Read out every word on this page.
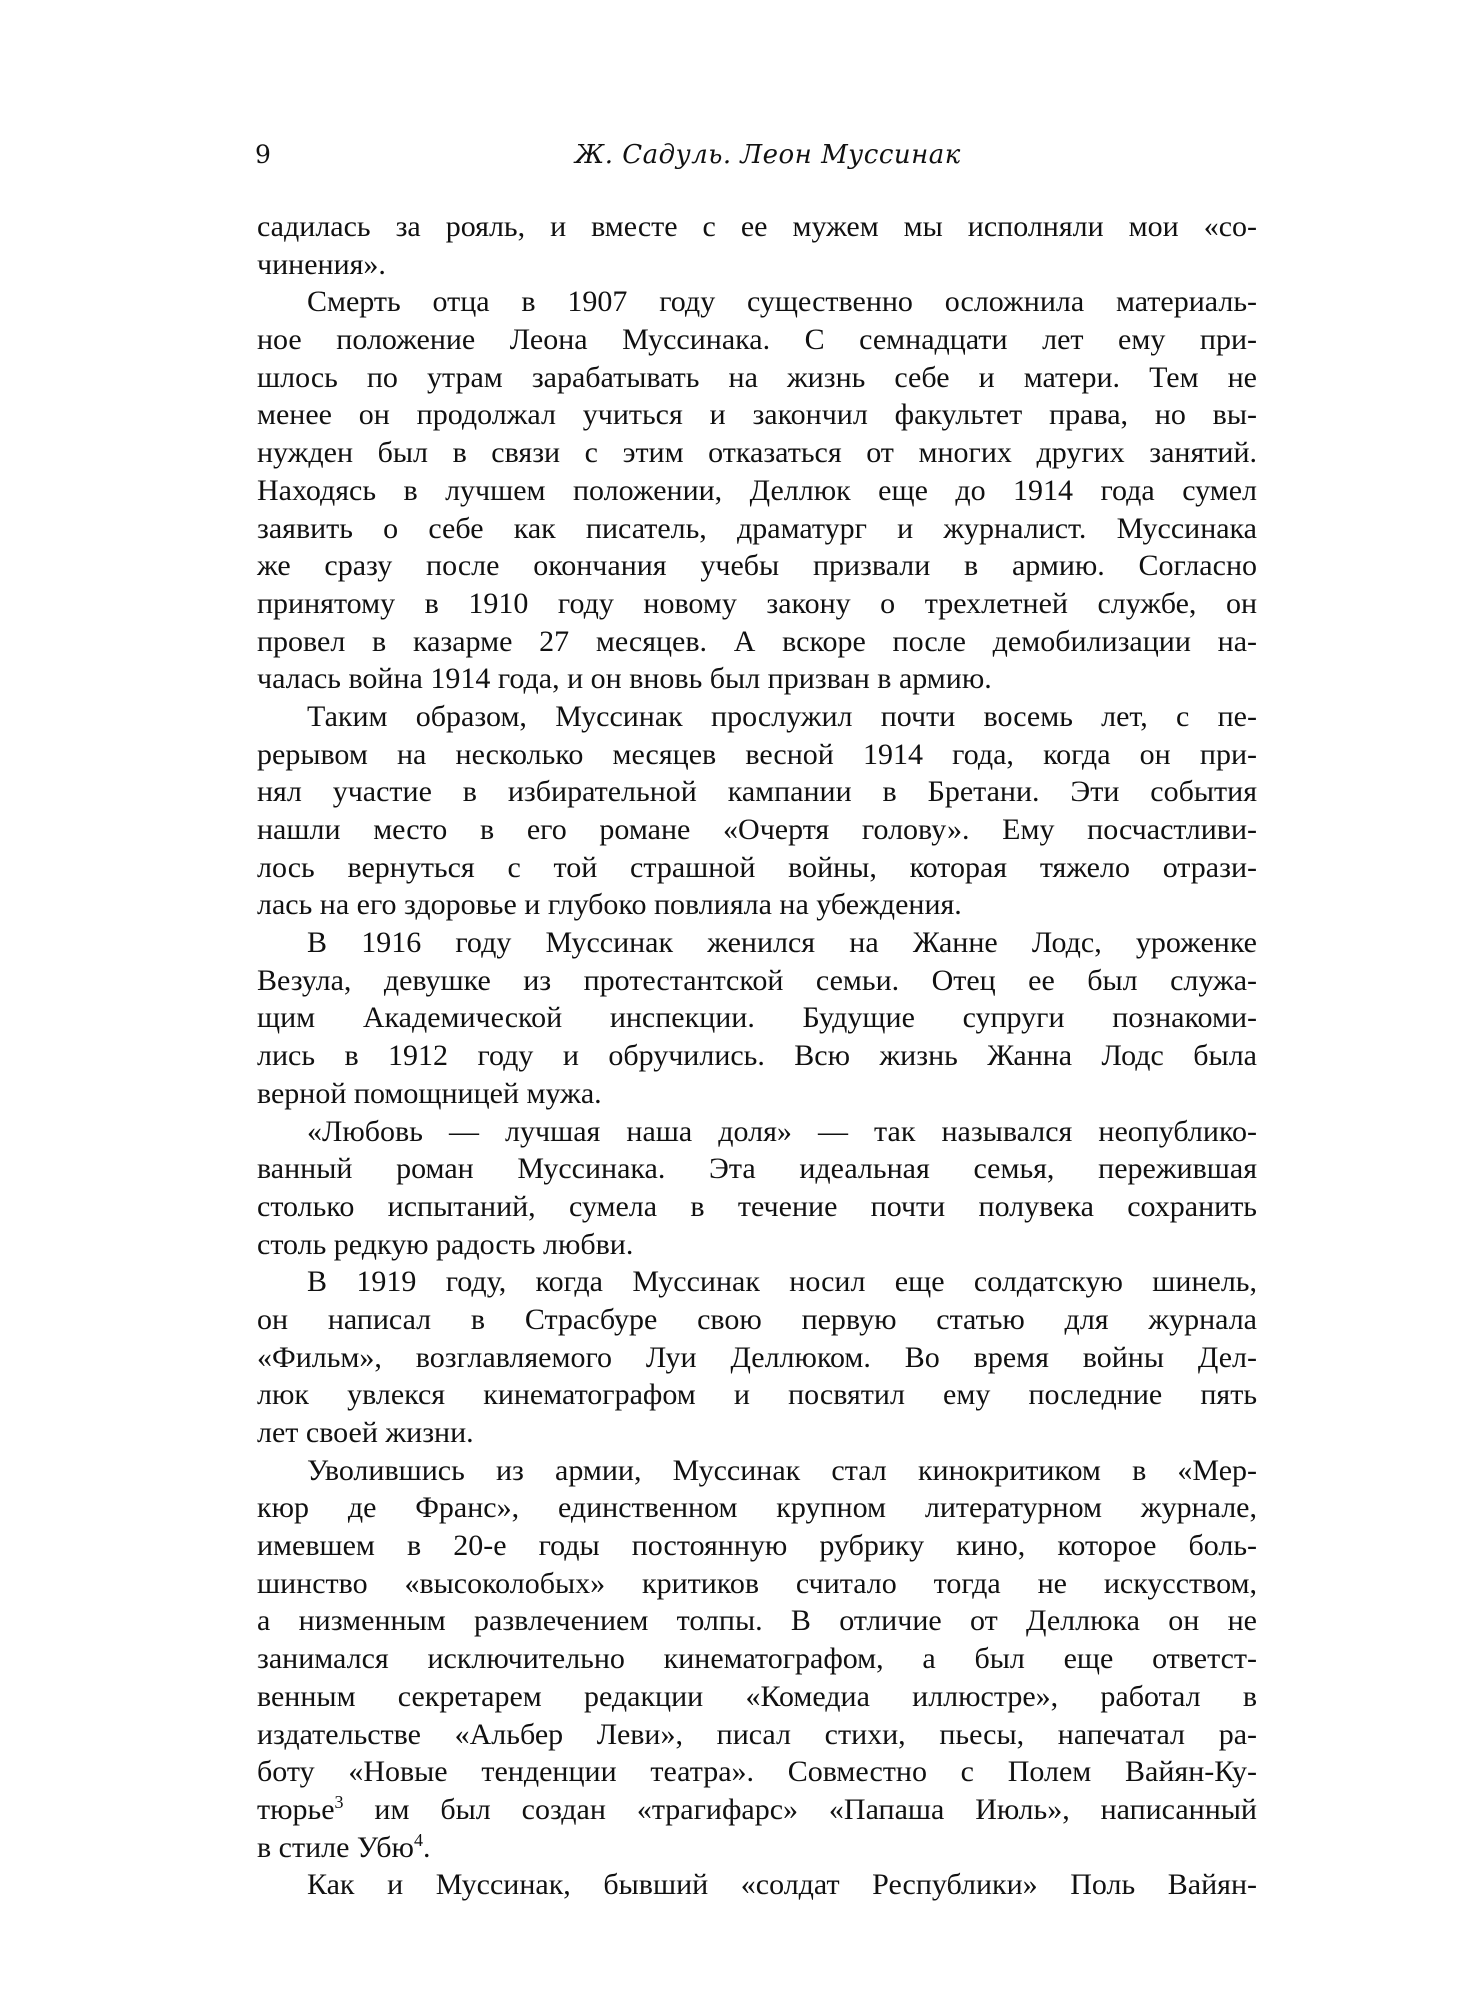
9	Ж. Садуль. Леон Муссинак
садилась за рояль, и вместе с ее мужем мы исполняли мои «со-
чинения».
Смерть отца в 1907 году существенно осложнила материаль-
ное положение Леона Муссинака. С семнадцати лет ему при-
шлось по утрам зарабатывать на жизнь себе и матери. Тем не
менее он продолжал учиться и закончил факультет права, но вы-
нужден был в связи с этим отказаться от многих других занятий.
Находясь в лучшем положении, Деллюк еще до 1914 года сумел
заявить о себе как писатель, драматург и журналист. Муссинака
же сразу после окончания учебы призвали в армию. Согласно
принятому в 1910 году новому закону о трехлетней службе, он
провел в казарме 27 месяцев. А вскоре после демобилизации на-
чалась война 1914 года, и он вновь был призван в армию.
Таким образом, Муссинак прослужил почти восемь лет, с пе-
рерывом на несколько месяцев весной 1914 года, когда он при-
нял участие в избирательной кампании в Бретани. Эти события
нашли место в его романе «Очертя голову». Ему посчастливи-
лось вернуться с той страшной войны, которая тяжело отрази-
лась на его здоровье и глубоко повлияла на убеждения.
В 1916 году Муссинак женился на Жанне Лодс, уроженке
Везула, девушке из протестантской семьи. Отец ее был служа-
щим Академической инспекции. Будущие супруги познакоми-
лись в 1912 году и обручились. Всю жизнь Жанна Лодс была
верной помощницей мужа.
«Любовь — лучшая наша доля» — так назывался неопублико-
ванный роман Муссинака. Эта идеальная семья, пережившая
столько испытаний, сумела в течение почти полувека сохранить
столь редкую радость любви.
В 1919 году, когда Муссинак носил еще солдатскую шинель,
он написал в Страсбуре свою первую статью для журнала
«Фильм», возглавляемого Луи Деллюком. Во время войны Дел-
люк увлекся кинематографом и посвятил ему последние пять
лет своей жизни.
Уволившись из армии, Муссинак стал кинокритиком в «Мер-
кюр де Франс», единственном крупном литературном журнале,
имевшем в 20-е годы постоянную рубрику кино, которое боль-
шинство «высоколобых» критиков считало тогда не искусством,
а низменным развлечением толпы. В отличие от Деллюка он не
занимался исключительно кинематографом, а был еще ответст-
венным секретарем редакции «Комедиа иллюстре», работал в
издательстве «Альбер Леви», писал стихи, пьесы, напечатал ра-
боту «Новые тенденции театра». Совместно с Полем Вайян-Ку-
тюрье$^3$ им был создан «трагифарс» «Папаша Июль», написанный
в стиле Убю$^4$.
Как и Муссинак, бывший «солдат Республики» Поль Вайян-
